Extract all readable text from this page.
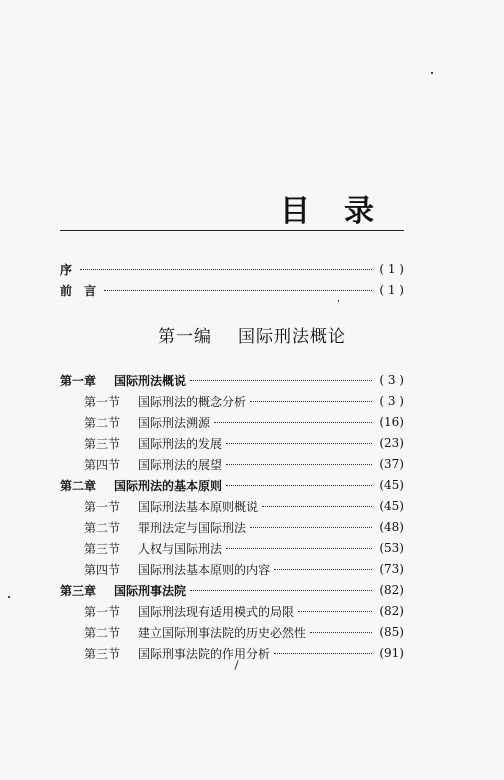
目录
序	( 1 )
前 言	( 1 )
第一编 国际刑法概论
第一章 国际刑法概说	( 3 )
第一节 国际刑法的概念分析	( 3 )
第二节 国际刑法溯源	(16)
第三节 国际刑法的发展	(23)
第四节 国际刑法的展望	(37)
第二章 国际刑法的基本原则	(45)
第一节 国际刑法基本原则概说	(45)
第二节 罪刑法定与国际刑法	(48)
第三节 人权与国际刑法	(53)
第四节 国际刑法基本原则的内容	(73)
第三章 国际刑事法院	(82)
第一节 国际刑法现有适用模式的局限	(82)
第二节 建立国际刑事法院的历史必然性	(85)
第三节 国际刑事法院的作用分析	(91)
